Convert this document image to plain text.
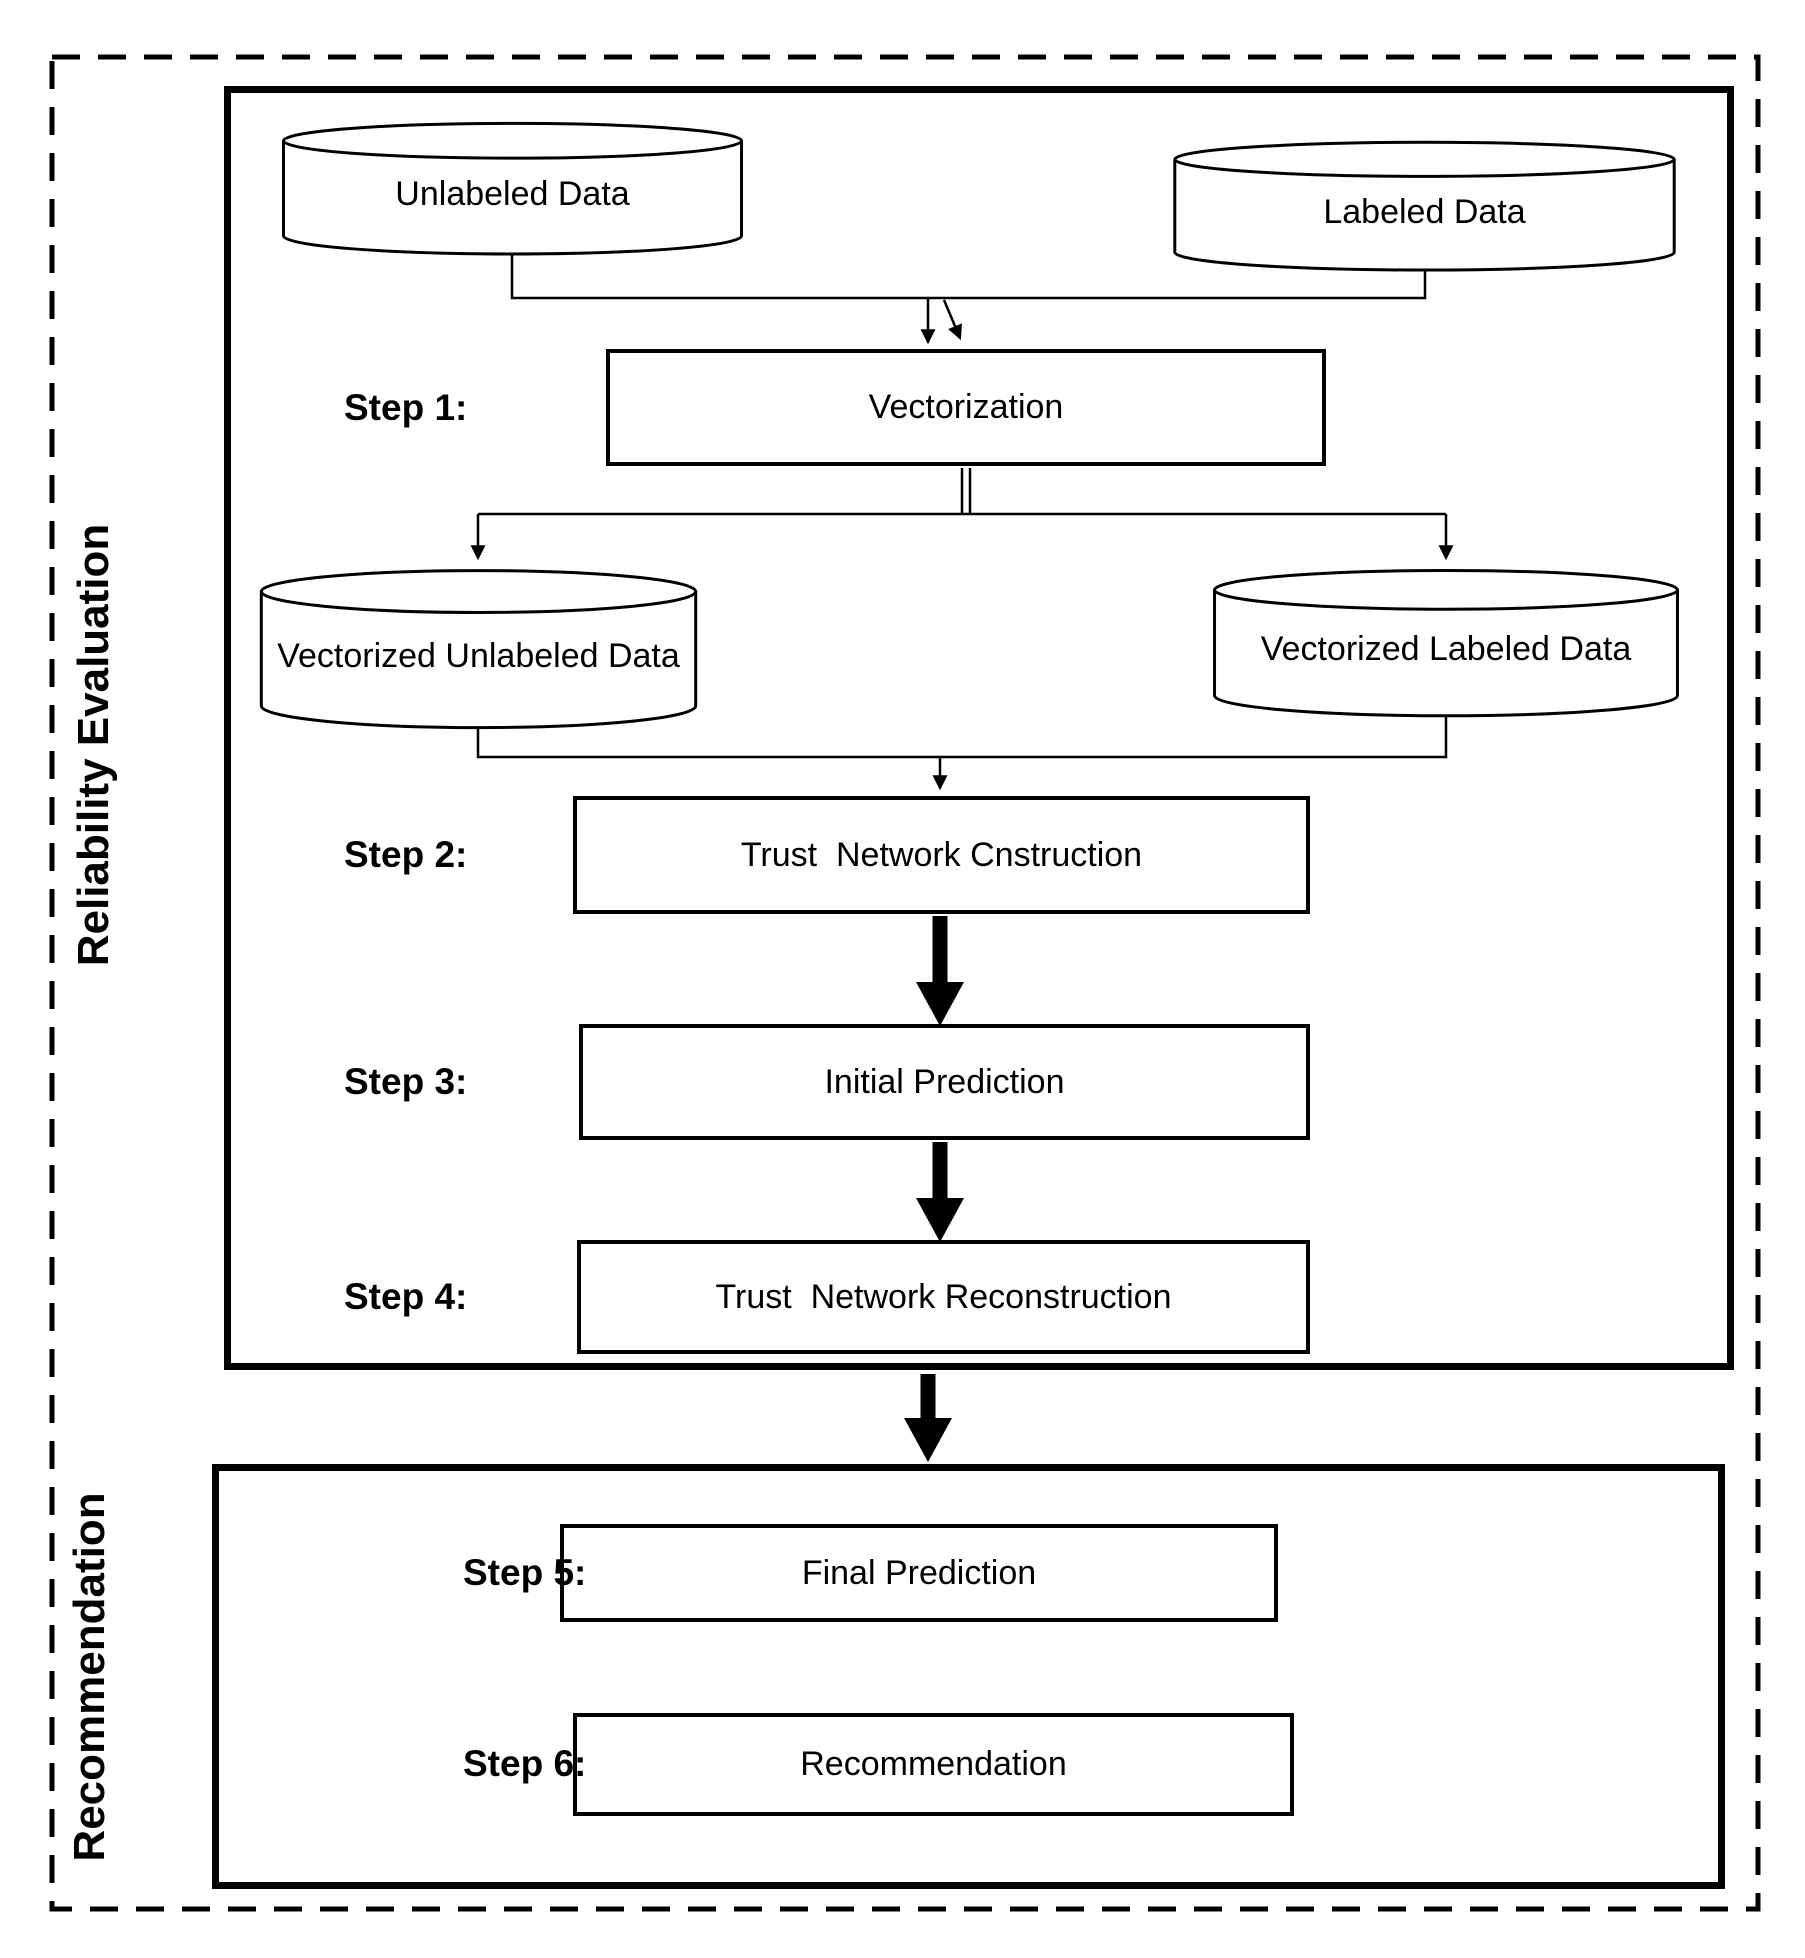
Reliability Evaluation
Recommendation
Unlabeled Data	Labeled Data
Vectorized Unlabeled Data	Vectorized Labeled Data
Vectorization
Trust  Network Cnstruction
Initial Prediction
Trust  Network Reconstruction
Final Prediction
Recommendation
Step 1:
Step 2:
Step 3:
Step 4:
Step 5:
Step 6:
